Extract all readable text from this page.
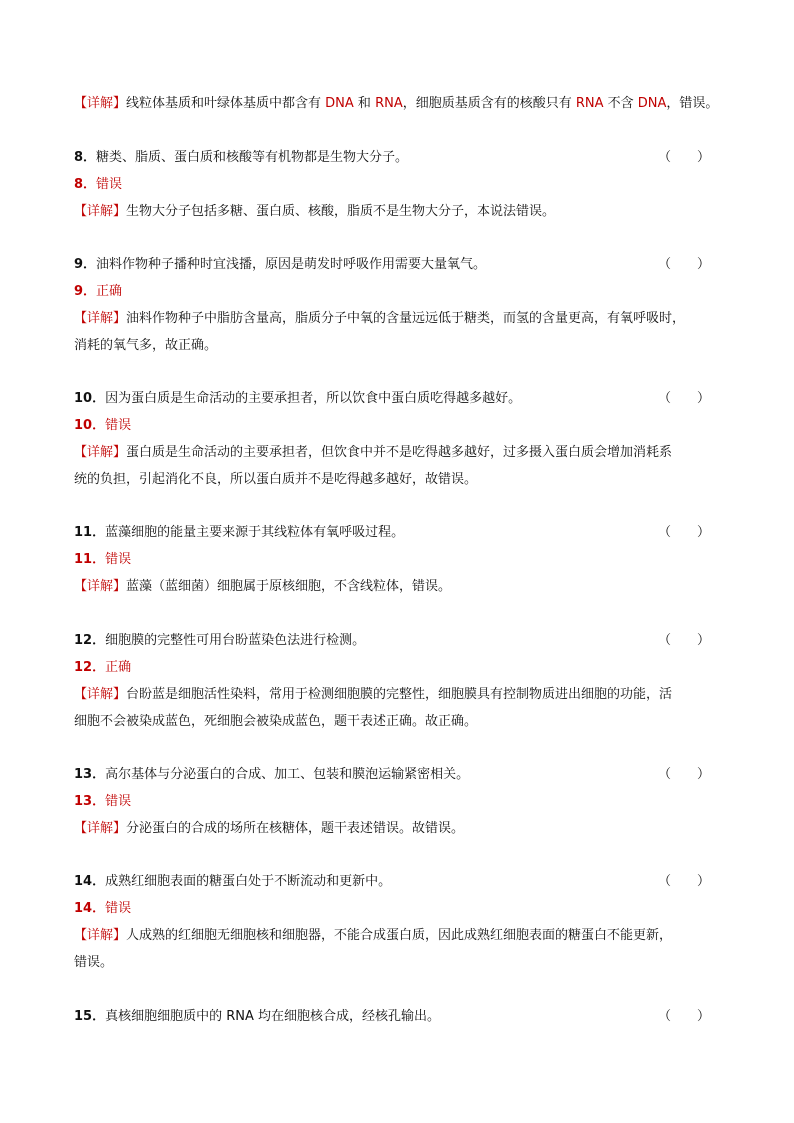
【详解】线粒体基质和叶绿体基质中都含有 DNA 和 RNA，细胞质基质含有的核酸只有 RNA 不含 DNA，错误。
8．糖类、脂质、蛋白质和核酸等有机物都是生物大分子。	（　　）
8．错误
【详解】生物大分子包括多糖、蛋白质、核酸，脂质不是生物大分子，本说法错误。
9．油料作物种子播种时宜浅播，原因是萌发时呼吸作用需要大量氧气。	（　　）
9．正确
【详解】油料作物种子中脂肪含量高，脂质分子中氧的含量远远低于糖类，而氢的含量更高，有氧呼吸时，
消耗的氧气多，故正确。
10．因为蛋白质是生命活动的主要承担者，所以饮食中蛋白质吃得越多越好。	（　　）
10．错误
【详解】蛋白质是生命活动的主要承担者，但饮食中并不是吃得越多越好，过多摄入蛋白质会增加消耗系
统的负担，引起消化不良，所以蛋白质并不是吃得越多越好，故错误。
11．蓝藻细胞的能量主要来源于其线粒体有氧呼吸过程。	（　　）
11．错误
【详解】蓝藻（蓝细菌）细胞属于原核细胞，不含线粒体，错误。
12．细胞膜的完整性可用台盼蓝染色法进行检测。	（　　）
12．正确
【详解】台盼蓝是细胞活性染料，常用于检测细胞膜的完整性，细胞膜具有控制物质进出细胞的功能，活
细胞不会被染成蓝色，死细胞会被染成蓝色，题干表述正确。故正确。
13．高尔基体与分泌蛋白的合成、加工、包装和膜泡运输紧密相关。	（　　）
13．错误
【详解】分泌蛋白的合成的场所在核糖体，题干表述错误。故错误。
14．成熟红细胞表面的糖蛋白处于不断流动和更新中。	（　　）
14．错误
【详解】人成熟的红细胞无细胞核和细胞器，不能合成蛋白质，因此成熟红细胞表面的糖蛋白不能更新，
错误。
15．真核细胞细胞质中的 RNA 均在细胞核合成，经核孔输出。	（　　）
